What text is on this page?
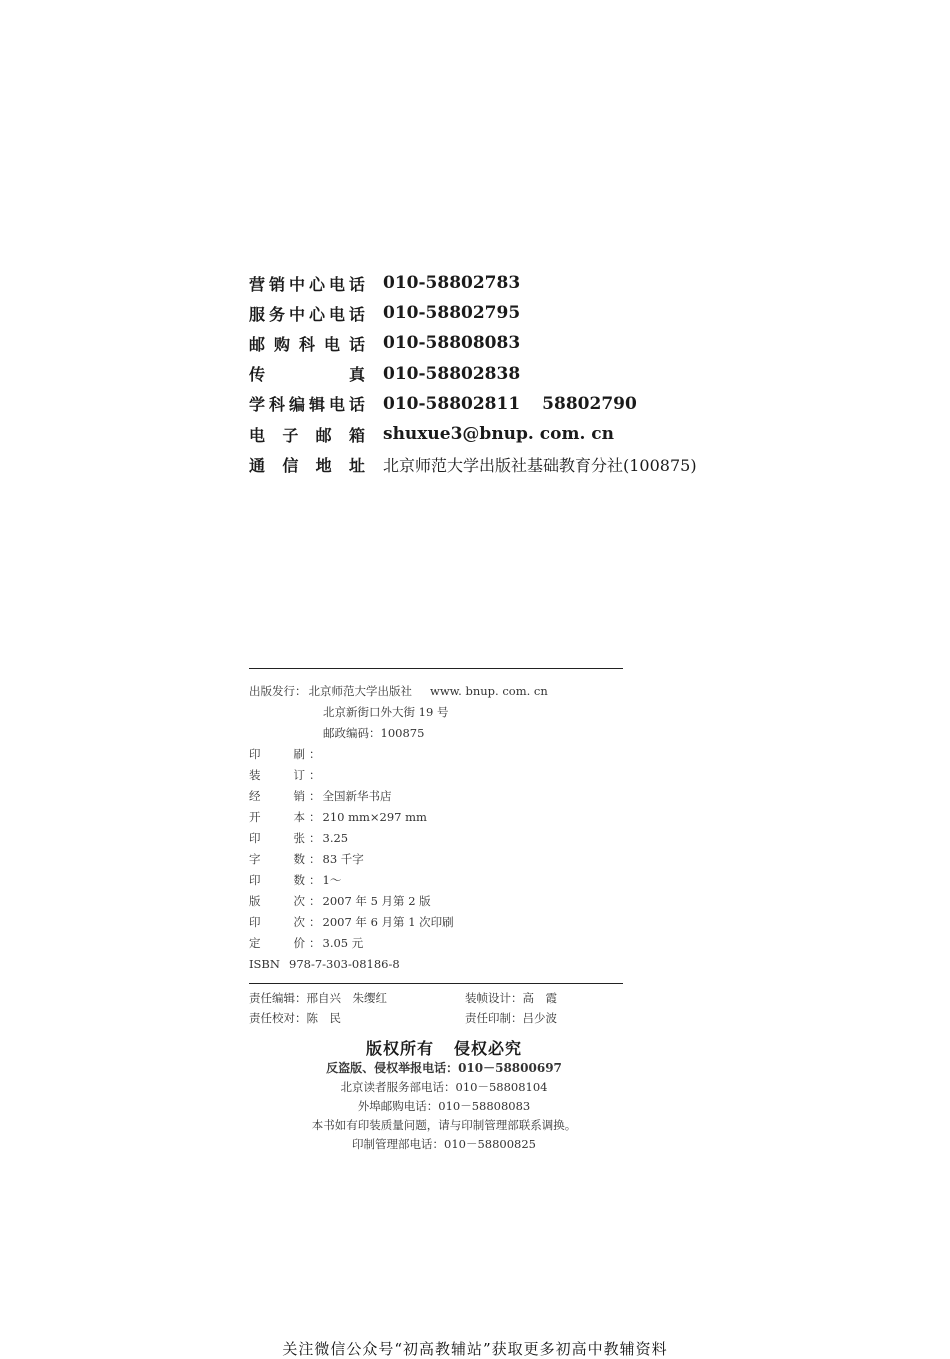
营 销 中 心 电 话 010-58802783
服 务 中 心 电 话 010-58802795
邮 购 科 电 话 010-58808083
传	真 010-58802838
学 科 编 辑 电 话 010-58802811 58802790
电 子 邮 箱 shuxue3@bnup. com. cn
通 信 地 址 北京师范大学出版社基础教育分社(100875)
出版发行 ： 北京师范大学出版社 www. bnup. com. cn
北京新街口外大街 19 号
邮政编码：100875
印	刷 ：
装	订 ：
经	销 ： 全国新华书店
开	本 ： 210 mm×297 mm
印	张 ： 3.25
字	数 ： 83 千字
印	数 ： 1～
版	次 ： 2007 年 5 月第 2 版
印	次 ： 2007 年 6 月第 1 次印刷
定	价 ： 3.05 元
ISBN 978-7-303-08186-8
责任编辑：邢自兴　朱缨红	装帧设计：高　霞
责任校对：陈　民	责任印制：吕少波
版权所有 侵权必究
反盗版、侵权举报电话：010－58800697
北京读者服务部电话：010－58808104
外埠邮购电话：010－58808083
本书如有印装质量问题，请与印制管理部联系调换。
印制管理部电话：010－58800825
关注微信公众号“初高教辅站”获取更多初高中教辅资料
